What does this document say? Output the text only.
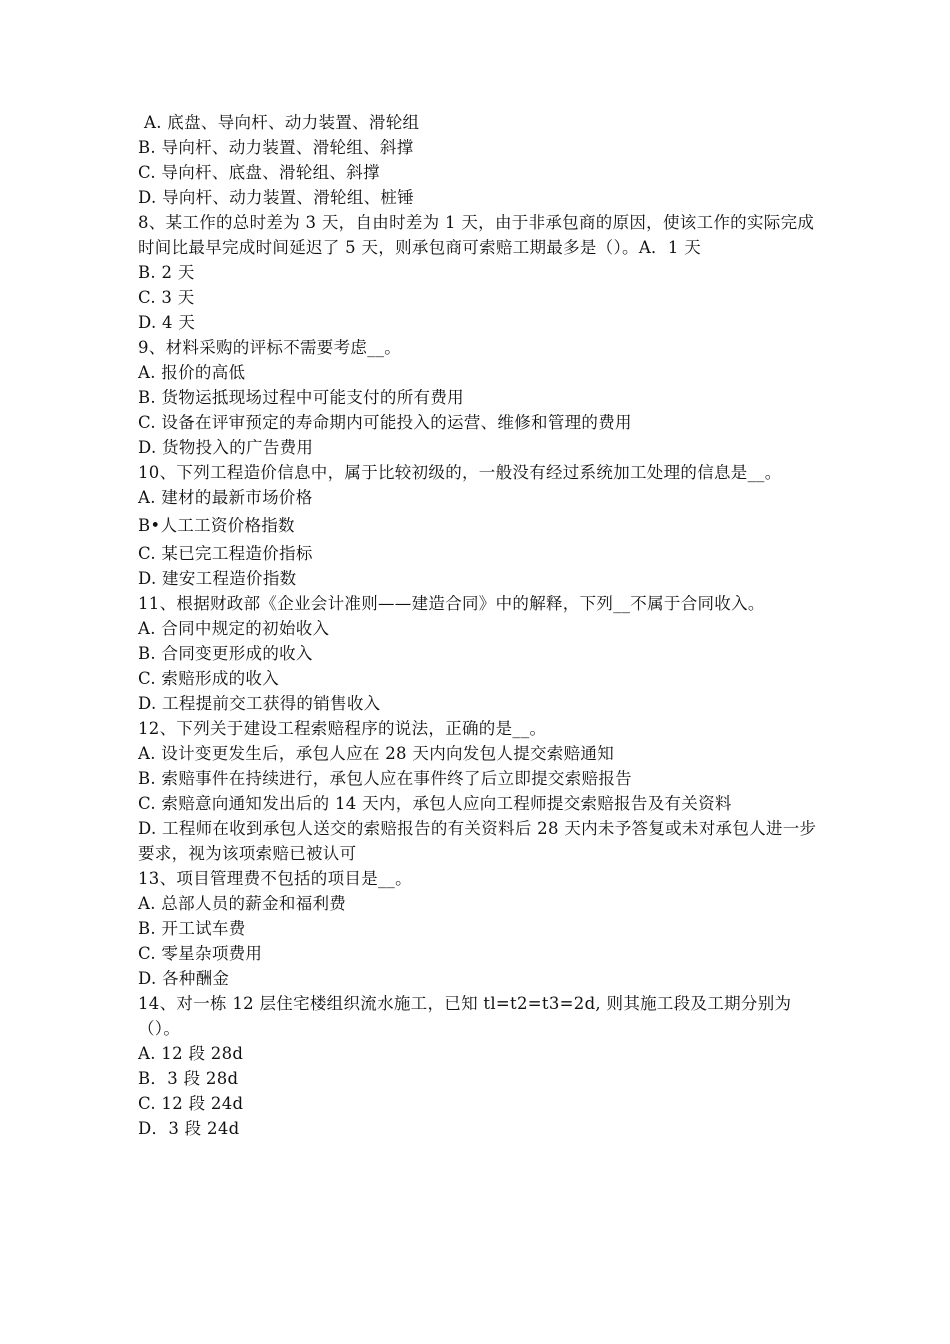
A. 底盘、导向杆、动力装置、滑轮组
B. 导向杆、动力装置、滑轮组、斜撑
C. 导向杆、底盘、滑轮组、斜撑
D. 导向杆、动力装置、滑轮组、桩锤
8、某工作的总时差为 3 天，自由时差为 1 天，由于非承包商的原因，使该工作的实际完成时间比最早完成时间延迟了 5 天，则承包商可索赔工期最多是（）。A．1 天
B. 2 天
C. 3 天
D. 4 天
9、材料采购的评标不需要考虑__。
A. 报价的高低
B. 货物运抵现场过程中可能支付的所有费用
C. 设备在评审预定的寿命期内可能投入的运营、维修和管理的费用
D. 货物投入的广告费用
10、下列工程造价信息中，属于比较初级的，一般没有经过系统加工处理的信息是__。
A. 建材的最新市场价格
B•人工工资价格指数
C. 某已完工程造价指标
D. 建安工程造价指数
11、根据财政部《企业会计准则——建造合同》中的解释，下列__不属于合同收入。
A. 合同中规定的初始收入
B. 合同变更形成的收入
C. 索赔形成的收入
D. 工程提前交工获得的销售收入
12、下列关于建设工程索赔程序的说法，正确的是__。
A. 设计变更发生后，承包人应在 28 天内向发包人提交索赔通知
B. 索赔事件在持续进行，承包人应在事件终了后立即提交索赔报告
C. 索赔意向通知发出后的 14 天内，承包人应向工程师提交索赔报告及有关资料
D. 工程师在收到承包人送交的索赔报告的有关资料后 28 天内未予答复或未对承包人进一步要求，视为该项索赔已被认可
13、项目管理费不包括的项目是__。
A. 总部人员的薪金和福利费
B. 开工试车费
C. 零星杂项费用
D. 各种酬金
14、对一栋 12 层住宅楼组织流水施工，已知 tl=t2=t3=2d, 则其施工段及工期分别为（）。
A. 12 段 28d
B．3 段 28d
C. 12 段 24d
D．3 段 24d
